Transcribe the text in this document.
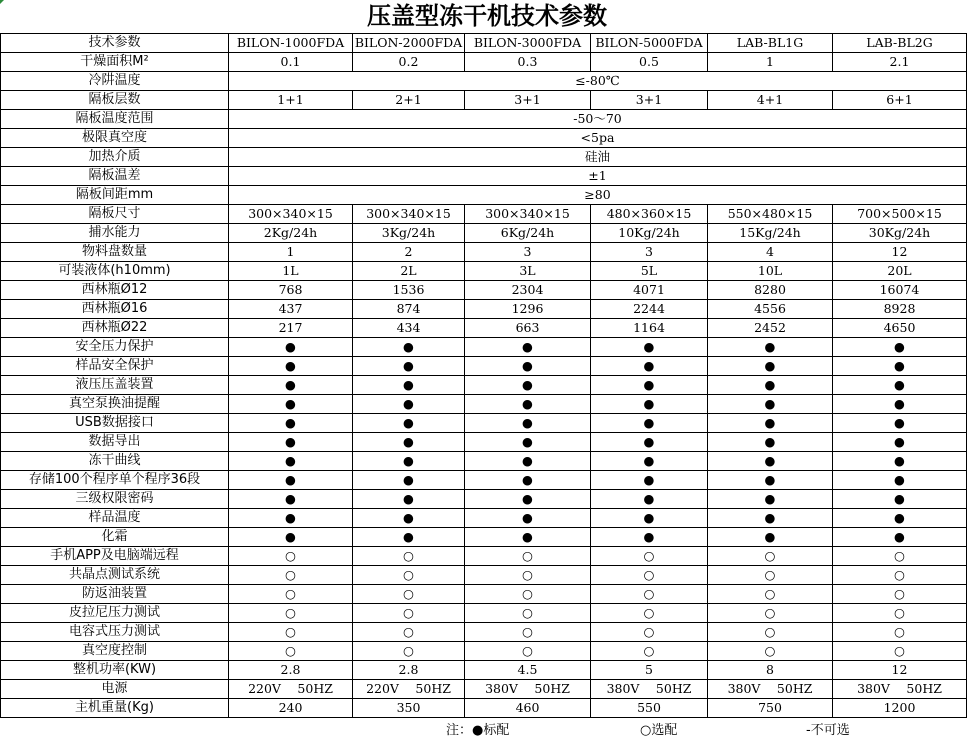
压盖型冻干机技术参数
技术参数	BILON-1000FDA	BILON-2000FDA	BILON-3000FDA	BILON-5000FDA	LAB-BL1G	LAB-BL2G
干燥面积M²	0.1	0.2	0.3	0.5	1	2.1
冷阱温度	≤-80℃					
隔板层数	1+1	2+1	3+1	3+1	4+1	6+1
隔板温度范围	-50～70					
极限真空度	<5pa					
加热介质	硅油					
隔板温差	±1					
隔板间距mm	≥80					
隔板尺寸	300×340×15	300×340×15	300×340×15	480×360×15	550×480×15	700×500×15
捕水能力	2Kg/24h	3Kg/24h	6Kg/24h	10Kg/24h	15Kg/24h	30Kg/24h
物料盘数量	1	2	3	3	4	12
可装液体(h10mm)	1L	2L	3L	5L	10L	20L
西林瓶Ø12	768	1536	2304	4071	8280	16074
西林瓶Ø16	437	874	1296	2244	4556	8928
西林瓶Ø22	217	434	663	1164	2452	4650
安全压力保护	●	●	●	●	●	●
样品安全保护	●	●	●	●	●	●
液压压盖装置	●	●	●	●	●	●
真空泵换油提醒	●	●	●	●	●	●
USB数据接口	●	●	●	●	●	●
数据导出	●	●	●	●	●	●
冻干曲线	●	●	●	●	●	●
存储100个程序单个程序36段	●	●	●	●	●	●
三级权限密码	●	●	●	●	●	●
样品温度	●	●	●	●	●	●
化霜	●	●	●	●	●	●
手机APP及电脑端远程	○	○	○	○	○	○
共晶点测试系统	○	○	○	○	○	○
防返油装置	○	○	○	○	○	○
皮拉尼压力测试	○	○	○	○	○	○
电容式压力测试	○	○	○	○	○	○
真空度控制	○	○	○	○	○	○
整机功率(KW)	2.8	2.8	4.5	5	8	12
电源	220V　 50HZ	220V　 50HZ	380V　 50HZ	380V　 50HZ	380V　 50HZ	380V　 50HZ
主机重量(Kg)	240	350	460	550	750	1200
注：●标配	○选配	-不可选
